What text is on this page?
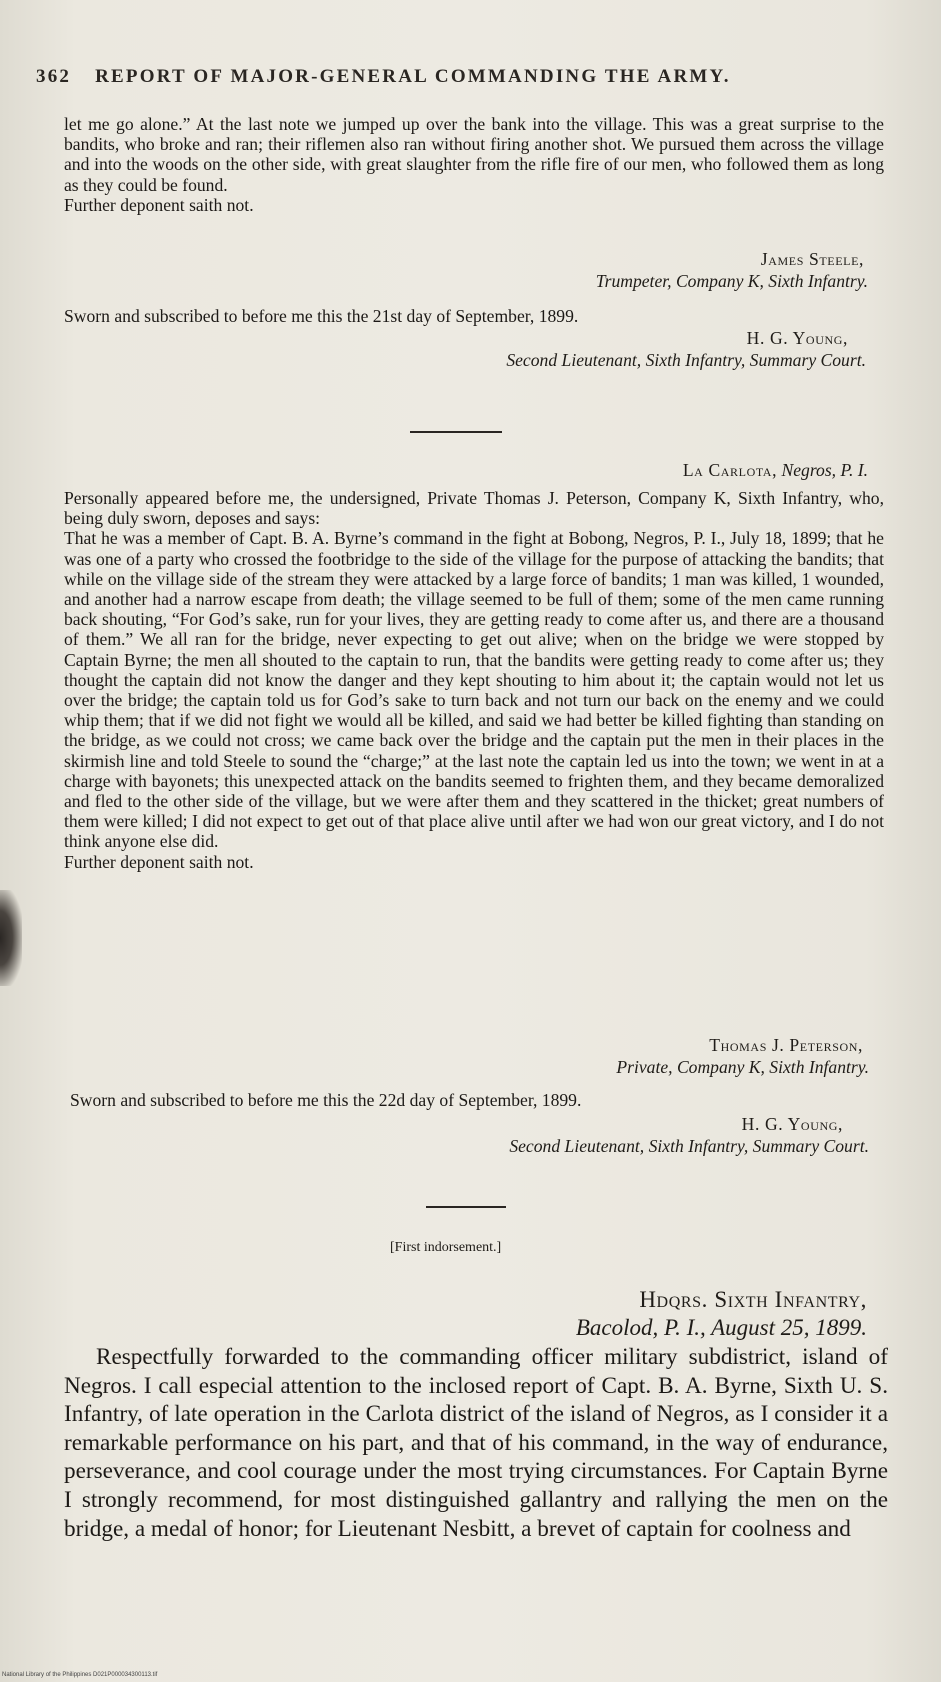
362 REPORT OF MAJOR-GENERAL COMMANDING THE ARMY.

let me go alone.” At the last note we jumped up over the bank into the village. This was a great surprise to the bandits, who broke and ran; their riflemen also ran without firing another shot. We pursued them across the village and into the woods on the other side, with great slaughter from the rifle fire of our men, who followed them as long as they could be found.

Further deponent saith not.

James Steele,
Trumpeter, Company K, Sixth Infantry.

Sworn and subscribed to before me this the 21st day of September, 1899.

H. G. Young,
Second Lieutenant, Sixth Infantry, Summary Court.
La Carlota, Negros, P. I.

Personally appeared before me, the undersigned, Private Thomas J. Peterson, Company K, Sixth Infantry, who, being duly sworn, deposes and says:

That he was a member of Capt. B. A. Byrne’s command in the fight at Bobong, Negros, P. I., July 18, 1899; that he was one of a party who crossed the footbridge to the side of the village for the purpose of attacking the bandits; that while on the village side of the stream they were attacked by a large force of bandits; 1 man was killed, 1 wounded, and another had a narrow escape from death; the village seemed to be full of them; some of the men came running back shouting, “For God’s sake, run for your lives, they are getting ready to come after us, and there are a thousand of them.” We all ran for the bridge, never expecting to get out alive; when on the bridge we were stopped by Captain Byrne; the men all shouted to the captain to run, that the bandits were getting ready to come after us; they thought the captain did not know the danger and they kept shouting to him about it; the captain would not let us over the bridge; the captain told us for God’s sake to turn back and not turn our back on the enemy and we could whip them; that if we did not fight we would all be killed, and said we had better be killed fighting than standing on the bridge, as we could not cross; we came back over the bridge and the captain put the men in their places in the skirmish line and told Steele to sound the “charge;” at the last note the captain led us into the town; we went in at a charge with bayonets; this unexpected attack on the bandits seemed to frighten them, and they became demoralized and fled to the other side of the village, but we were after them and they scattered in the thicket; great numbers of them were killed; I did not expect to get out of that place alive until after we had won our great victory, and I do not think anyone else did.

Further deponent saith not.

Thomas J. Peterson,
Private, Company K, Sixth Infantry.

Sworn and subscribed to before me this the 22d day of September, 1899.

H. G. Young,
Second Lieutenant, Sixth Infantry, Summary Court.
[First indorsement.]
Hdqrs. Sixth Infantry,
Bacolod, P. I., August 25, 1899.

Respectfully forwarded to the commanding officer military subdistrict, island of Negros. I call especial attention to the inclosed report of Capt. B. A. Byrne, Sixth U. S. Infantry, of late operation in the Carlota district of the island of Negros, as I consider it a remarkable performance on his part, and that of his command, in the way of endurance, perseverance, and cool courage under the most trying circumstances. For Captain Byrne I strongly recommend, for most distinguished gallantry and rallying the men on the bridge, a medal of honor; for Lieutenant Nesbitt, a brevet of captain for coolness and

National Library of the Philippines D021P000034300113.tif
